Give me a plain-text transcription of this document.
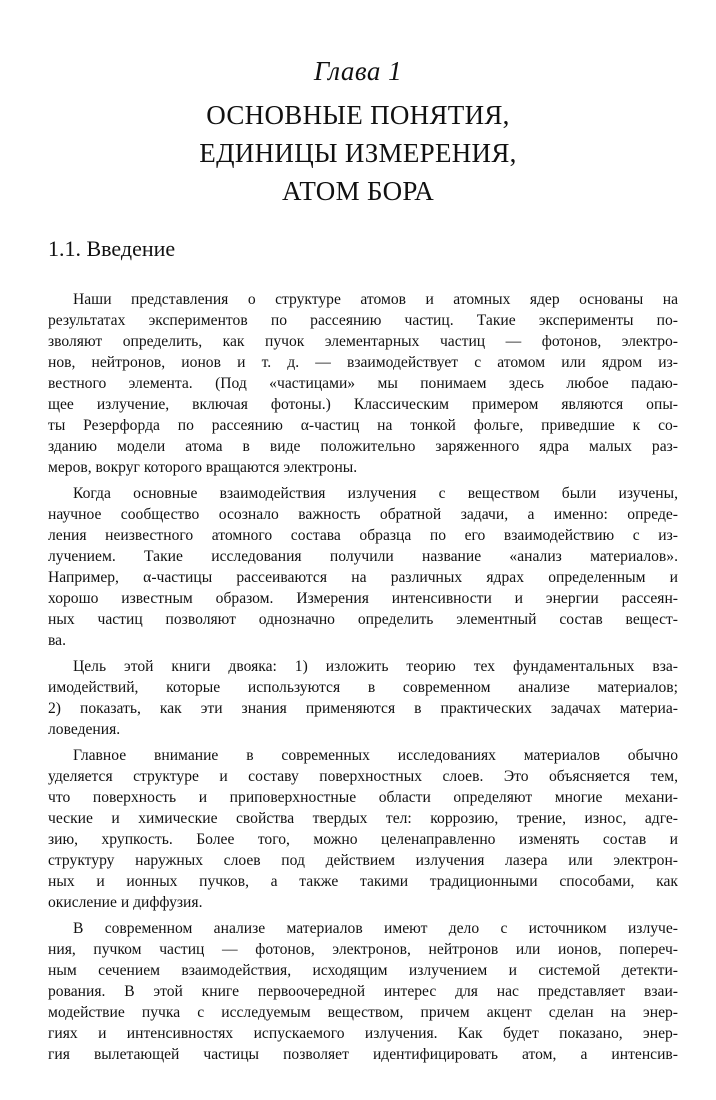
Глава 1
ОСНОВНЫЕ ПОНЯТИЯ,
ЕДИНИЦЫ ИЗМЕРЕНИЯ,
АТОМ БОРА
1.1. Введение
Наши представления о структуре атомов и атомных ядер основаны на
результатах экспериментов по рассеянию частиц. Такие эксперименты по-
зволяют определить, как пучок элементарных частиц — фотонов, электро-
нов, нейтронов, ионов и т. д. — взаимодействует с атомом или ядром из-
вестного элемента. (Под «частицами» мы понимаем здесь любое падаю-
щее излучение, включая фотоны.) Классическим примером являются опы-
ты Резерфорда по рассеянию α-частиц на тонкой фольге, приведшие к со-
зданию модели атома в виде положительно заряженного ядра малых раз-
меров, вокруг которого вращаются электроны.
Когда основные взаимодействия излучения с веществом были изучены,
научное сообщество осознало важность обратной задачи, а именно: опреде-
ления неизвестного атомного состава образца по его взаимодействию с из-
лучением. Такие исследования получили название «анализ материалов».
Например, α-частицы рассеиваются на различных ядрах определенным и
хорошо известным образом. Измерения интенсивности и энергии рассеян-
ных частиц позволяют однозначно определить элементный состав вещест-
ва.
Цель этой книги двояка: 1) изложить теорию тех фундаментальных вза-
имодействий, которые используются в современном анализе материалов;
2) показать, как эти знания применяются в практических задачах материа-
ловедения.
Главное внимание в современных исследованиях материалов обычно
уделяется структуре и составу поверхностных слоев. Это объясняется тем,
что поверхность и приповерхностные области определяют многие механи-
ческие и химические свойства твердых тел: коррозию, трение, износ, адге-
зию, хрупкость. Более того, можно целенаправленно изменять состав и
структуру наружных слоев под действием излучения лазера или электрон-
ных и ионных пучков, а также такими традиционными способами, как
окисление и диффузия.
В современном анализе материалов имеют дело с источником излуче-
ния, пучком частиц — фотонов, электронов, нейтронов или ионов, попереч-
ным сечением взаимодействия, исходящим излучением и системой детекти-
рования. В этой книге первоочередной интерес для нас представляет взаи-
модействие пучка с исследуемым веществом, причем акцент сделан на энер-
гиях и интенсивностях испускаемого излучения. Как будет показано, энер-
гия вылетающей частицы позволяет идентифицировать атом, а интенсив-
